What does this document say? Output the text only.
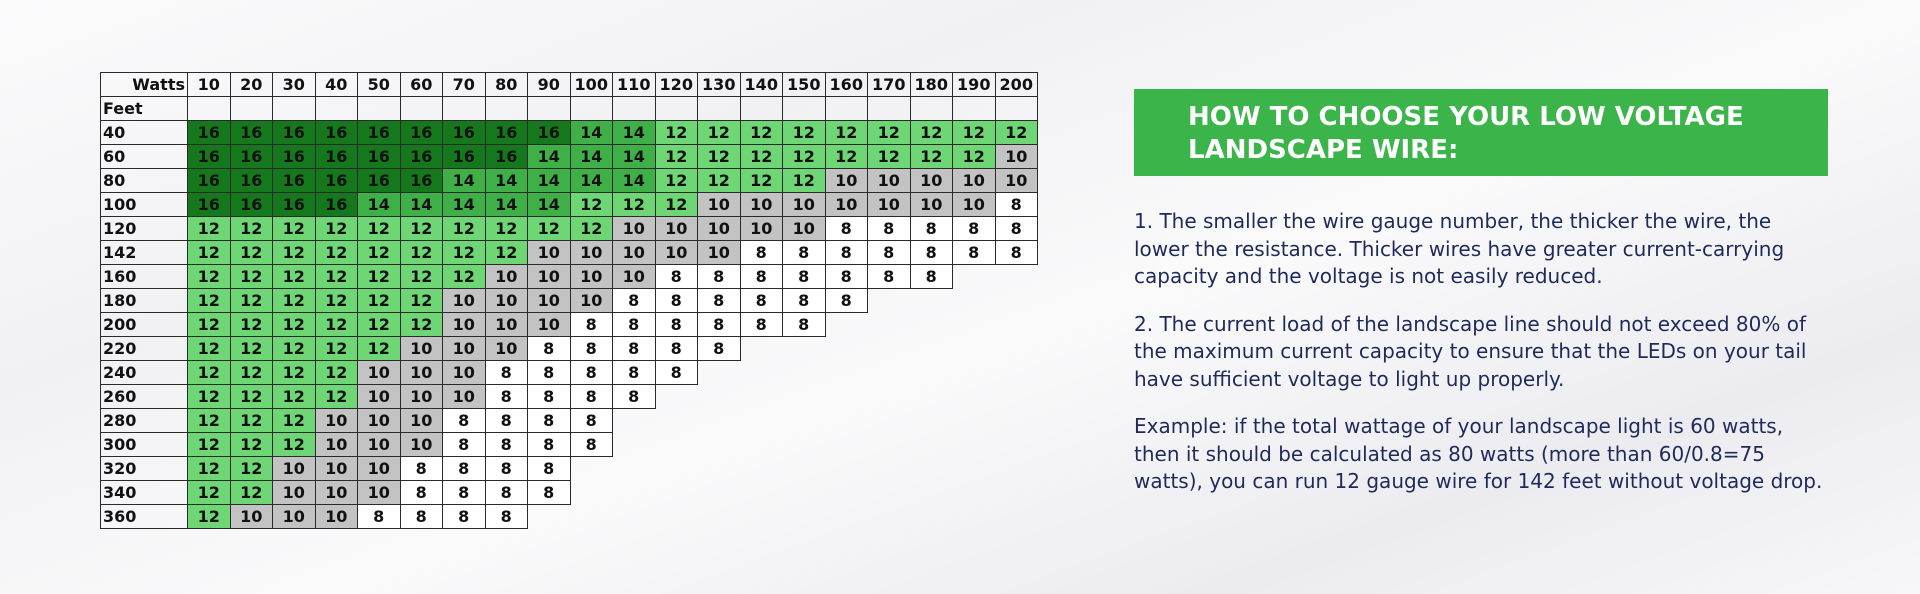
Watts	10	20	30	40	50	60	70	80	90	100	110	120	130	140	150	160	170	180	190	200
Feet																				
40	16	16	16	16	16	16	16	16	16	14	14	12	12	12	12	12	12	12	12	12
60	16	16	16	16	16	16	16	16	14	14	14	12	12	12	12	12	12	12	12	10
80	16	16	16	16	16	16	14	14	14	14	14	12	12	12	12	10	10	10	10	10
100	16	16	16	16	14	14	14	14	14	12	12	12	10	10	10	10	10	10	10	8
120	12	12	12	12	12	12	12	12	12	12	10	10	10	10	10	8	8	8	8	8
142	12	12	12	12	12	12	12	12	10	10	10	10	10	8	8	8	8	8	8	8
160	12	12	12	12	12	12	12	10	10	10	10	8	8	8	8	8	8	8		
180	12	12	12	12	12	12	10	10	10	10	8	8	8	8	8	8				
200	12	12	12	12	12	12	10	10	10	8	8	8	8	8	8					
220	12	12	12	12	12	10	10	10	8	8	8	8	8							
240	12	12	12	12	10	10	10	8	8	8	8	8								
260	12	12	12	12	10	10	10	8	8	8	8									
280	12	12	12	10	10	10	8	8	8	8										
300	12	12	12	10	10	10	8	8	8	8										
320	12	12	10	10	10	8	8	8	8											
340	12	12	10	10	10	8	8	8	8											
360	12	10	10	10	8	8	8	8												
HOW TO CHOOSE YOUR LOW VOLTAGE LANDSCAPE WIRE:
1. The smaller the wire gauge number, the thicker the wire, the lower the resistance. Thicker wires have greater current-carrying capacity and the voltage is not easily reduced.
2. The current load of the landscape line should not exceed 80% of the maximum current capacity to ensure that the LEDs on your tail have sufficient voltage to light up properly.
Example: if the total wattage of your landscape light is 60 watts, then it should be calculated as 80 watts (more than 60/0.8=75 watts), you can run 12 gauge wire for 142 feet without voltage drop.
